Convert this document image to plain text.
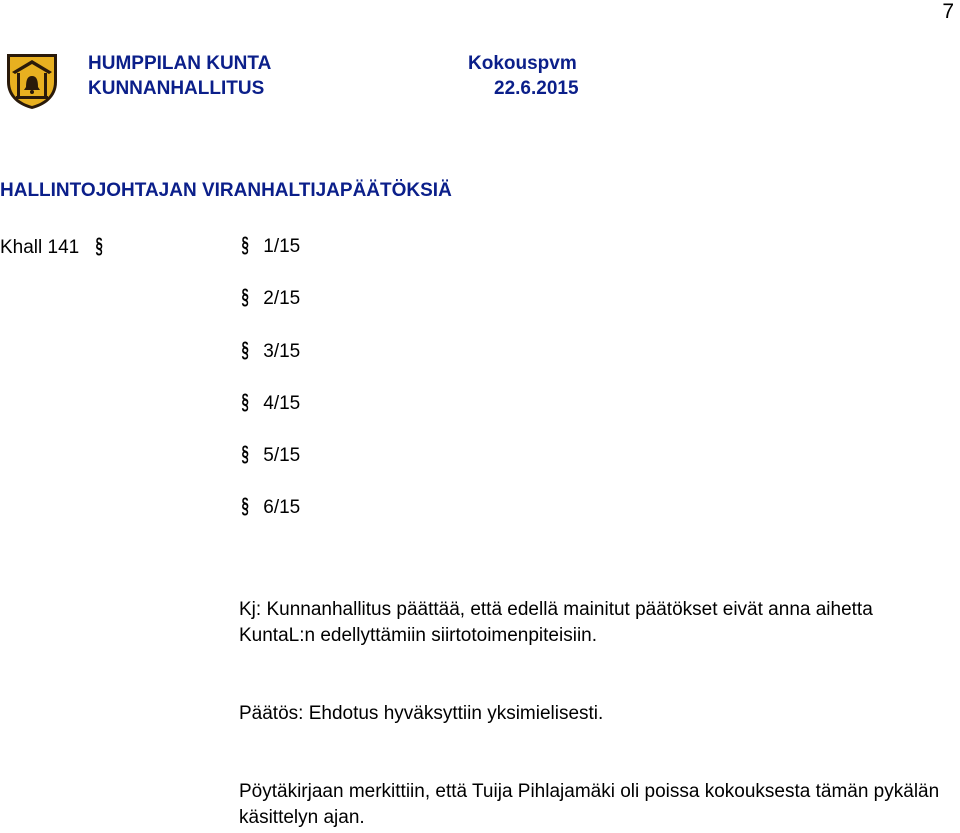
7
HUMPPILAN KUNTA
KUNNANHALLITUS
Kokouspvm
22.6.2015
HALLINTOJOHTAJAN VIRANHALTIJAPÄÄTÖKSIÄ
Khall 141 §	§ 1/15
§ 2/15
§ 3/15
§ 4/15
§ 5/15
§ 6/15
Kj: Kunnanhallitus päättää, että edellä mainitut päätökset eivät anna aihetta KuntaL:n edellyttämiin siirtotoimenpiteisiin.
Päätös: Ehdotus hyväksyttiin yksimielisesti.
Pöytäkirjaan merkittiin, että Tuija Pihlajamäki oli poissa kokouksesta tämän pykälän käsittelyn ajan.
